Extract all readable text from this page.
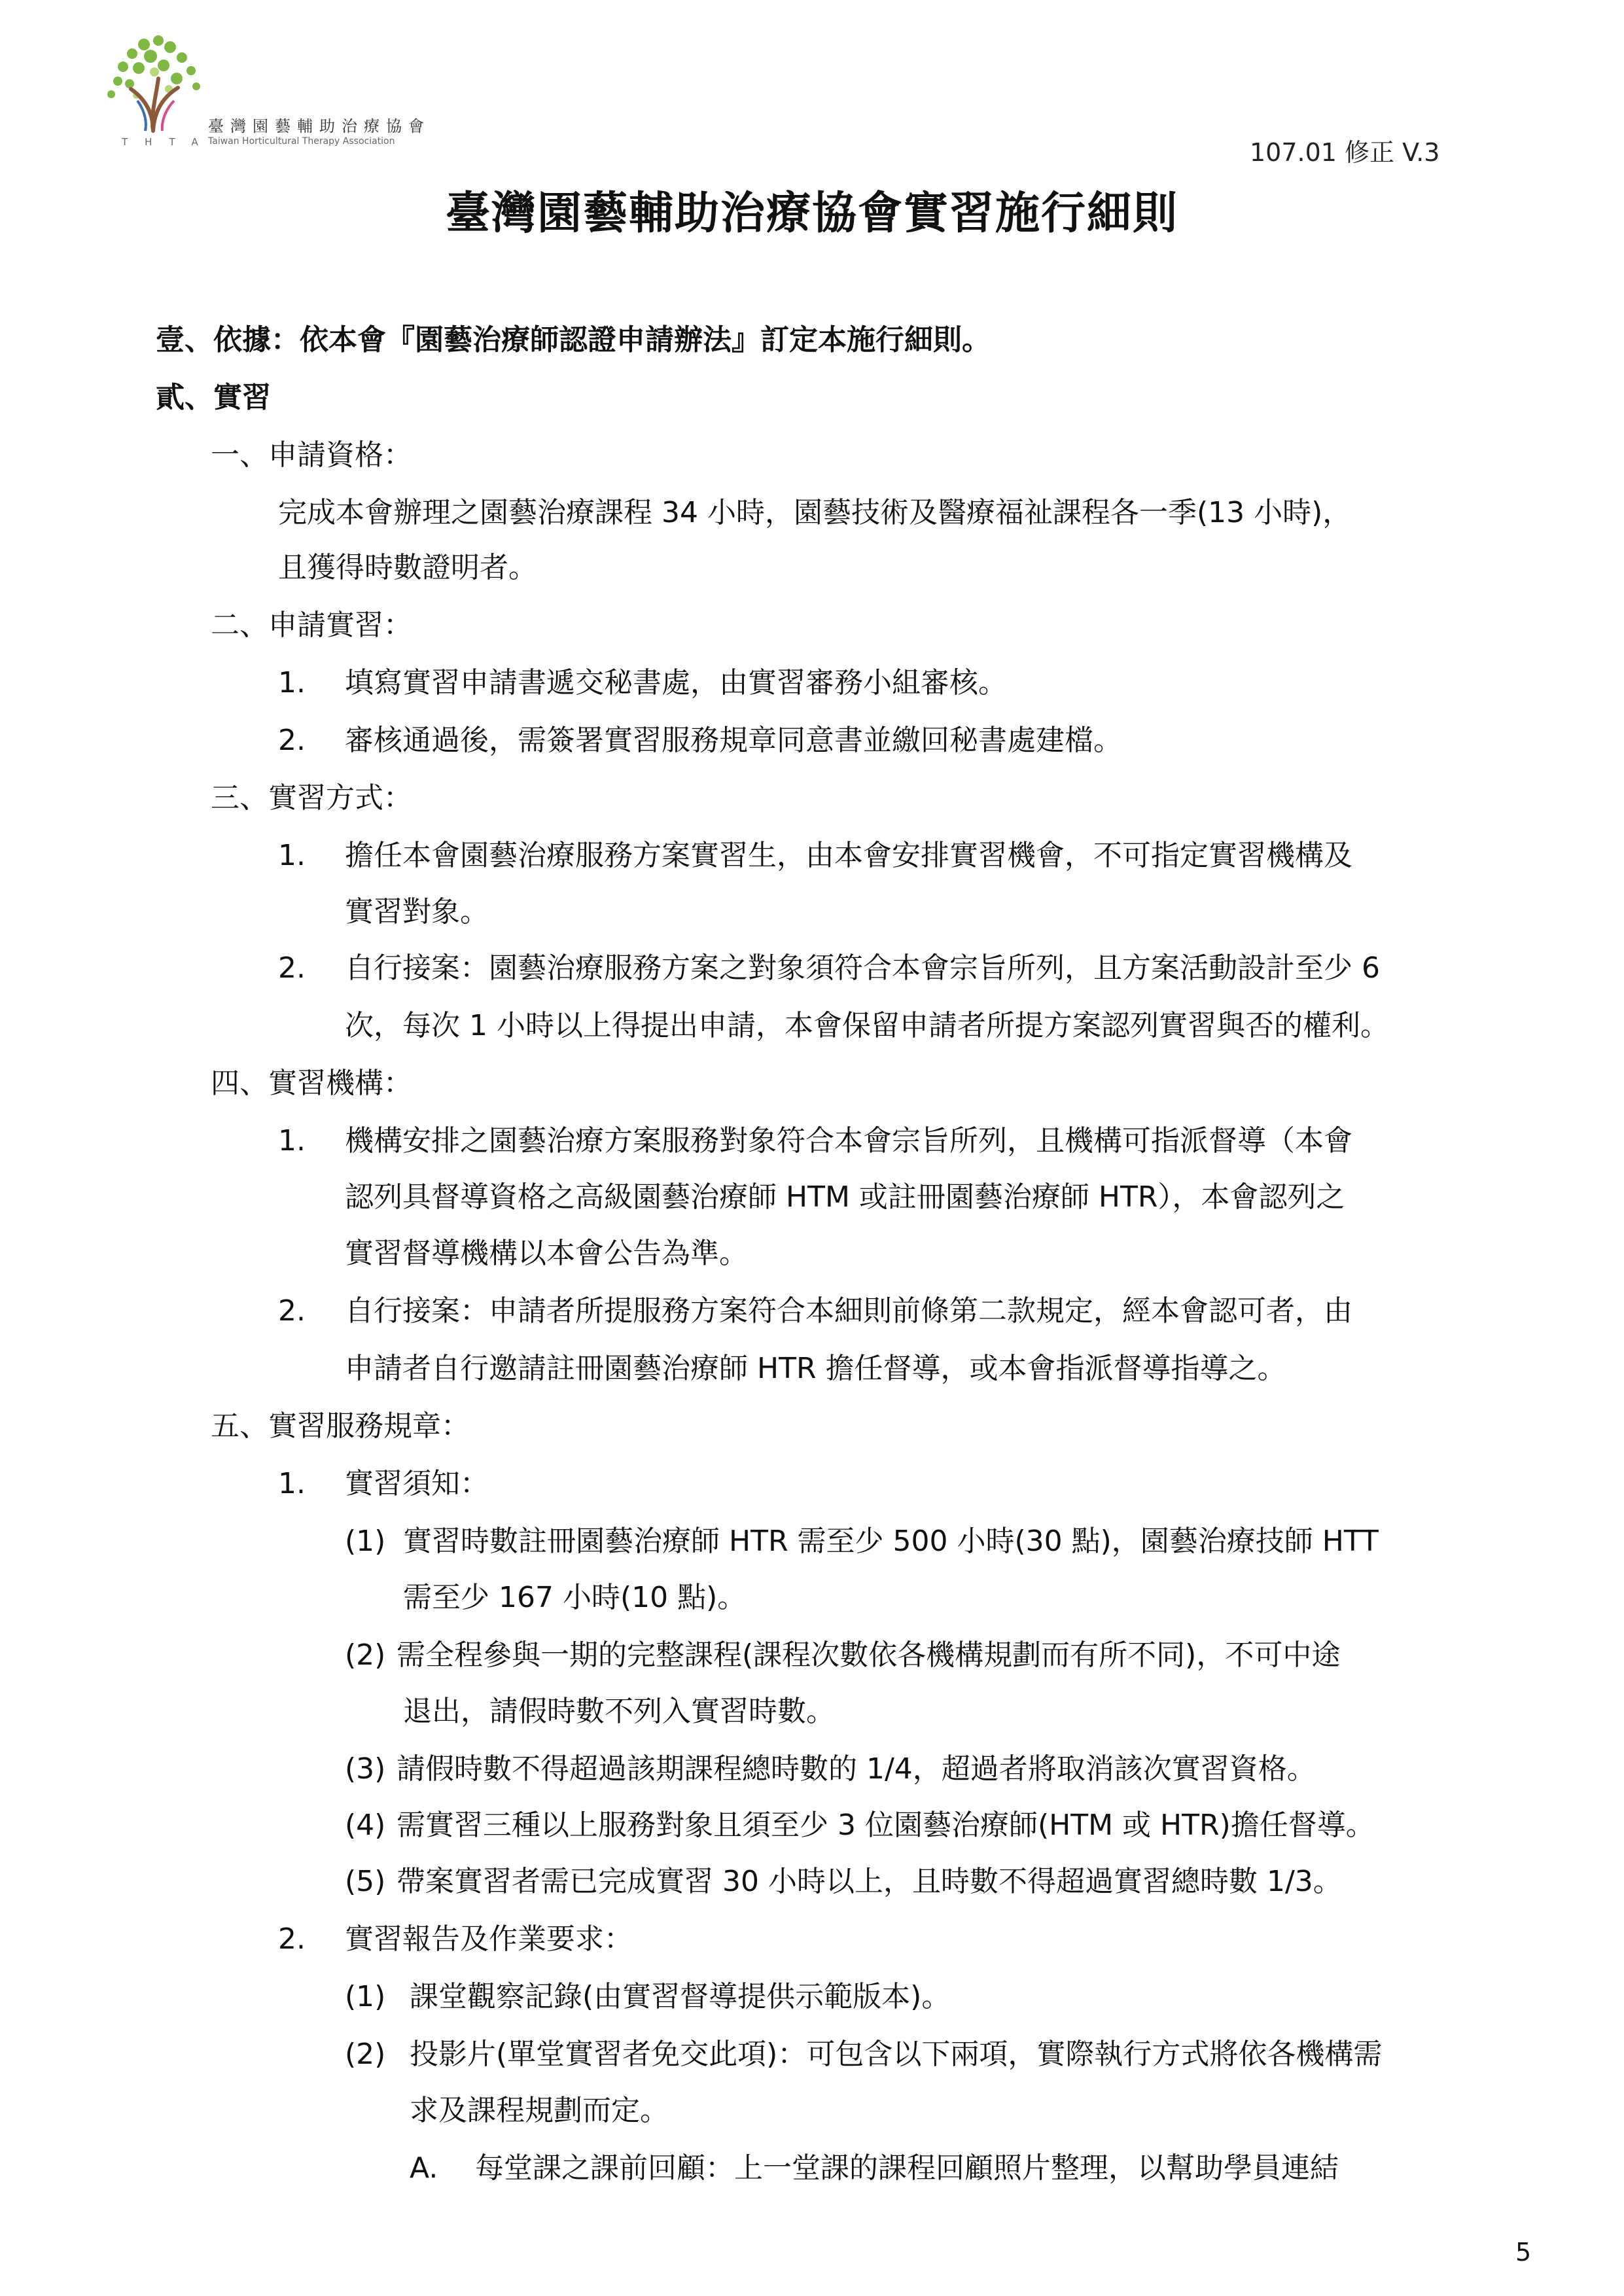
THTA
臺灣園藝輔助治療協會
Taiwan Horticultural Therapy Association	107.01 修正 V.3
臺灣園藝輔助治療協會實習施行細則
壹、依據：依本會『園藝治療師認證申請辦法』訂定本施行細則。
貳、實習
一、申請資格：
完成本會辦理之園藝治療課程 34 小時，園藝技術及醫療福祉課程各一季(13 小時)，
且獲得時數證明者。
二、申請實習：
1. 填寫實習申請書遞交秘書處，由實習審務小組審核。
2. 審核通過後，需簽署實習服務規章同意書並繳回秘書處建檔。
三、實習方式：
1. 擔任本會園藝治療服務方案實習生，由本會安排實習機會，不可指定實習機構及
實習對象。
2. 自行接案：園藝治療服務方案之對象須符合本會宗旨所列，且方案活動設計至少 6
次，每次 1 小時以上得提出申請，本會保留申請者所提方案認列實習與否的權利。
四、實習機構：
1. 機構安排之園藝治療方案服務對象符合本會宗旨所列，且機構可指派督導（本會
認列具督導資格之高級園藝治療師 HTM 或註冊園藝治療師 HTR），本會認列之
實習督導機構以本會公告為準。
2. 自行接案：申請者所提服務方案符合本細則前條第二款規定，經本會認可者，由
申請者自行邀請註冊園藝治療師 HTR 擔任督導，或本會指派督導指導之。
五、實習服務規章：
1. 實習須知：
(1) 實習時數註冊園藝治療師 HTR 需至少 500 小時(30 點)，園藝治療技師 HTT
需至少 167 小時(10 點)。
(2) 需全程參與一期的完整課程(課程次數依各機構規劃而有所不同)，不可中途
退出，請假時數不列入實習時數。
(3) 請假時數不得超過該期課程總時數的 1/4，超過者將取消該次實習資格。
(4) 需實習三種以上服務對象且須至少 3 位園藝治療師(HTM 或 HTR)擔任督導。
(5) 帶案實習者需已完成實習 30 小時以上，且時數不得超過實習總時數 1/3。
2. 實習報告及作業要求：
(1) 課堂觀察記錄(由實習督導提供示範版本)。
(2) 投影片(單堂實習者免交此項)：可包含以下兩項，實際執行方式將依各機構需
求及課程規劃而定。
A. 每堂課之課前回顧：上一堂課的課程回顧照片整理，以幫助學員連結
5
